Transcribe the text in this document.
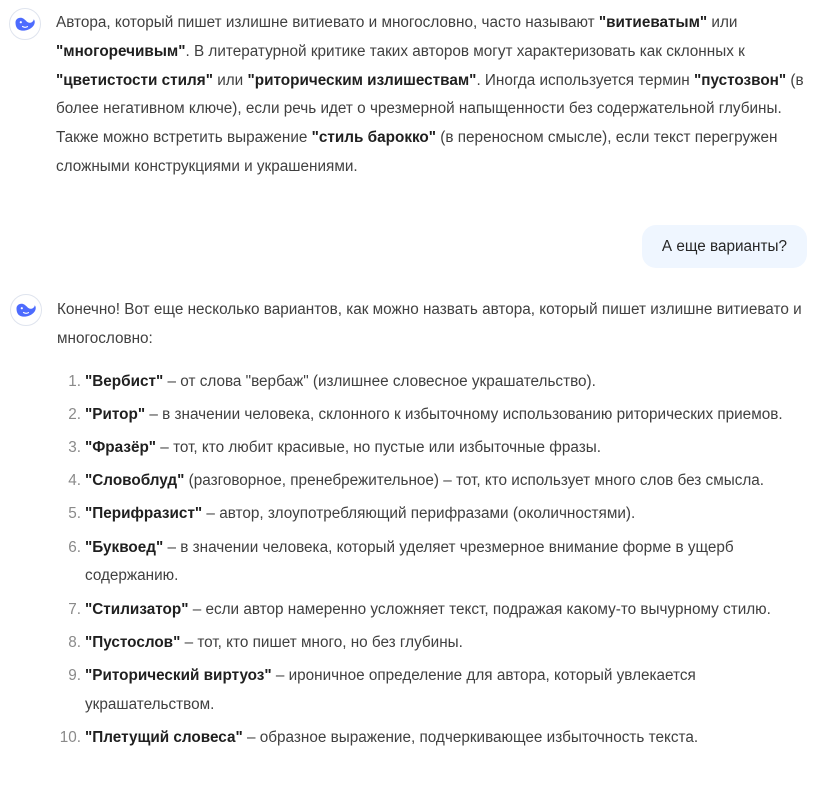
Автора, который пишет излишне витиевато и многословно, часто называют "витиеватым" или "многоречивым". В литературной критике таких авторов могут характеризовать как склонных к "цветистости стиля" или "риторическим излишествам". Иногда используется термин "пустозвон" (в более негативном ключе), если речь идет о чрезмерной напыщенности без содержательной глубины. Также можно встретить выражение "стиль барокко" (в переносном смысле), если текст перегружен сложными конструкциями и украшениями.

А еще варианты?

Конечно! Вот еще несколько вариантов, как можно назвать автора, который пишет излишне витиевато и многословно:

1. "Вербист" – от слова "вербаж" (излишнее словесное украшательство).
2. "Ритор" – в значении человека, склонного к избыточному использованию риторических приемов.
3. "Фразёр" – тот, кто любит красивые, но пустые или избыточные фразы.
4. "Словоблуд" (разговорное, пренебрежительное) – тот, кто использует много слов без смысла.
5. "Перифразист" – автор, злоупотребляющий перифразами (околичностями).
6. "Буквоед" – в значении человека, который уделяет чрезмерное внимание форме в ущерб содержанию.
7. "Стилизатор" – если автор намеренно усложняет текст, подражая какому-то вычурному стилю.
8. "Пустослов" – тот, кто пишет много, но без глубины.
9. "Риторический виртуоз" – ироничное определение для автора, который увлекается украшательством.
10. "Плетущий словеса" – образное выражение, подчеркивающее избыточность текста.
